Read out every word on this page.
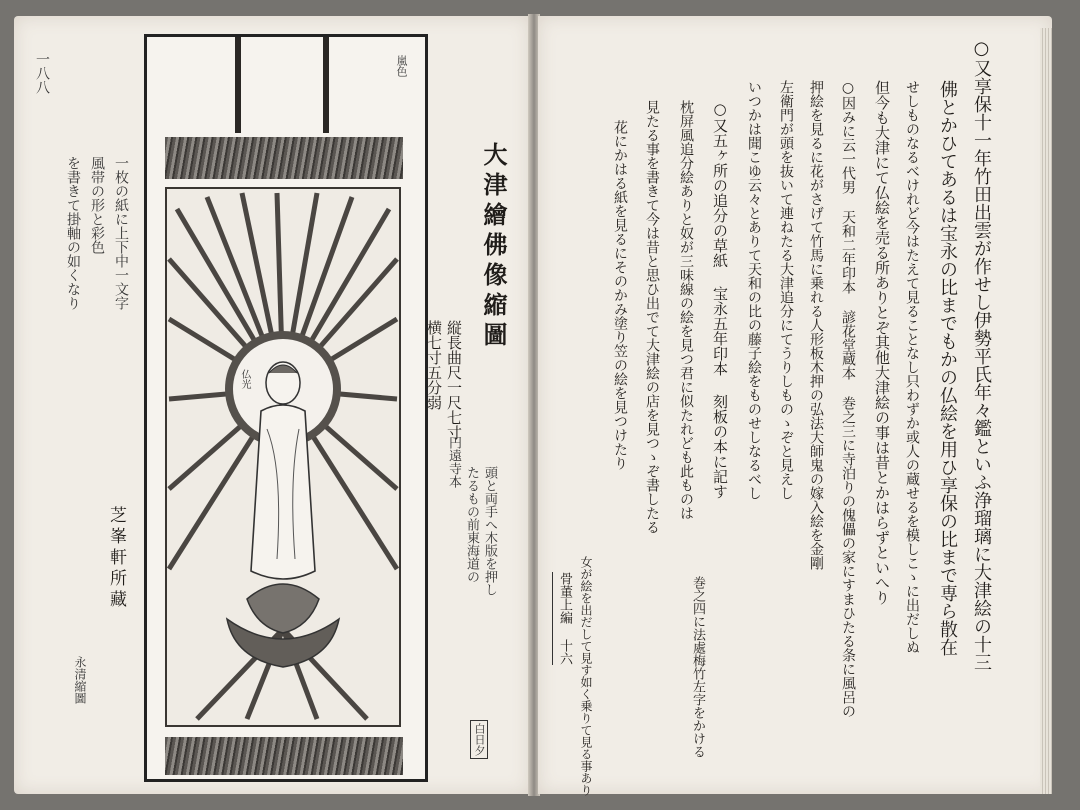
一八八	嵐色
仏光
一枚の紙に上下中一文字
風帯の形と彩色
を書きて掛軸の如くなり
芝峯軒所藏
永清縮圖
大津繪佛像縮圖
縦長曲尺一尺七寸
横七寸五分弱
頭と両手へ木版を押し
たるもの前東海道の
円遠寺本
白日夕
○又享保十一年竹田出雲が作せし伊勢平氏年々鑑といふ浄瑠璃に大津絵の十三
佛とかひてあるは宝永の比までもかの仏絵を用ひ享保の比まで専ら散在
せしものなるべけれど今はたえて見ることなし只わずか或人の蔵せるを模しこゝに出だしぬ
但今も大津にて仏絵を売る所ありとぞ其他大津絵の事は昔とかはらずといへり
○因みに云一代男 天和二年印本 諺花堂蔵本 巻之三に寺泊りの傀儡の家にすまひたる条に風呂の
押絵を見るに花がさげて竹馬に乗れる人形板木押の弘法大師鬼の嫁入絵を金剛
左衛門が頭を抜いて連ねたる大津追分にてうりしものゝぞと見えし
いつかは聞こゆ云々とありて天和の比の藤子絵をものせしなるべし
○又五ヶ所の追分の草紙 宝永五年印本 刻板の本に記す
枕屏風追分絵ありと奴が三味線の絵を見つ君に似たれども此ものは
見たる事を書きて今は昔と思ひ出でて大津絵の店を見つゝぞ書したる
花にかはる紙を見るにそのかみ塗り笠の絵を見つけたり
巻之四に法處梅竹左字をかける
女が絵を出だして見す如く乗りて見る事あり
骨董上編 十六
